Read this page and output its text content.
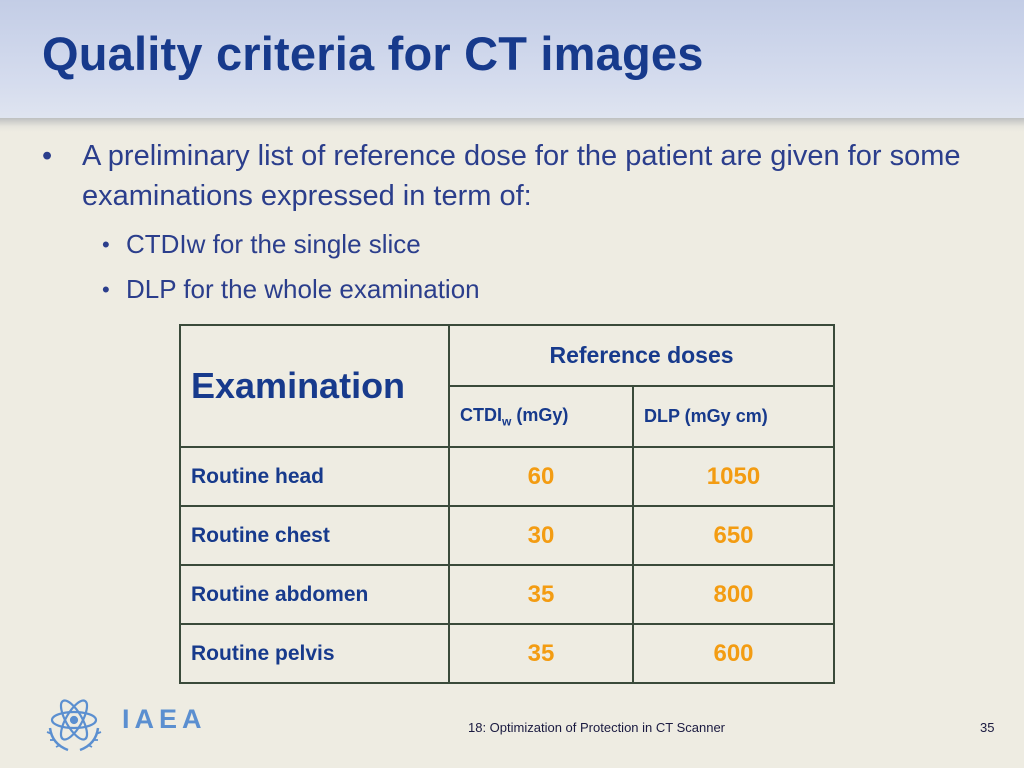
Quality criteria for CT images
• A preliminary list of reference dose for the patient are given for some examinations expressed in term of:
• CTDIw for the single slice
• DLP for the whole examination
Examination	Reference doses	
	$CTDI_w$ (mGy)	DLP (mGy cm)
Routine head	60	1050
Routine chest	30	650
Routine abdomen	35	800
Routine pelvis	35	600
IAEA	18: Optimization of Protection in CT Scanner	35
